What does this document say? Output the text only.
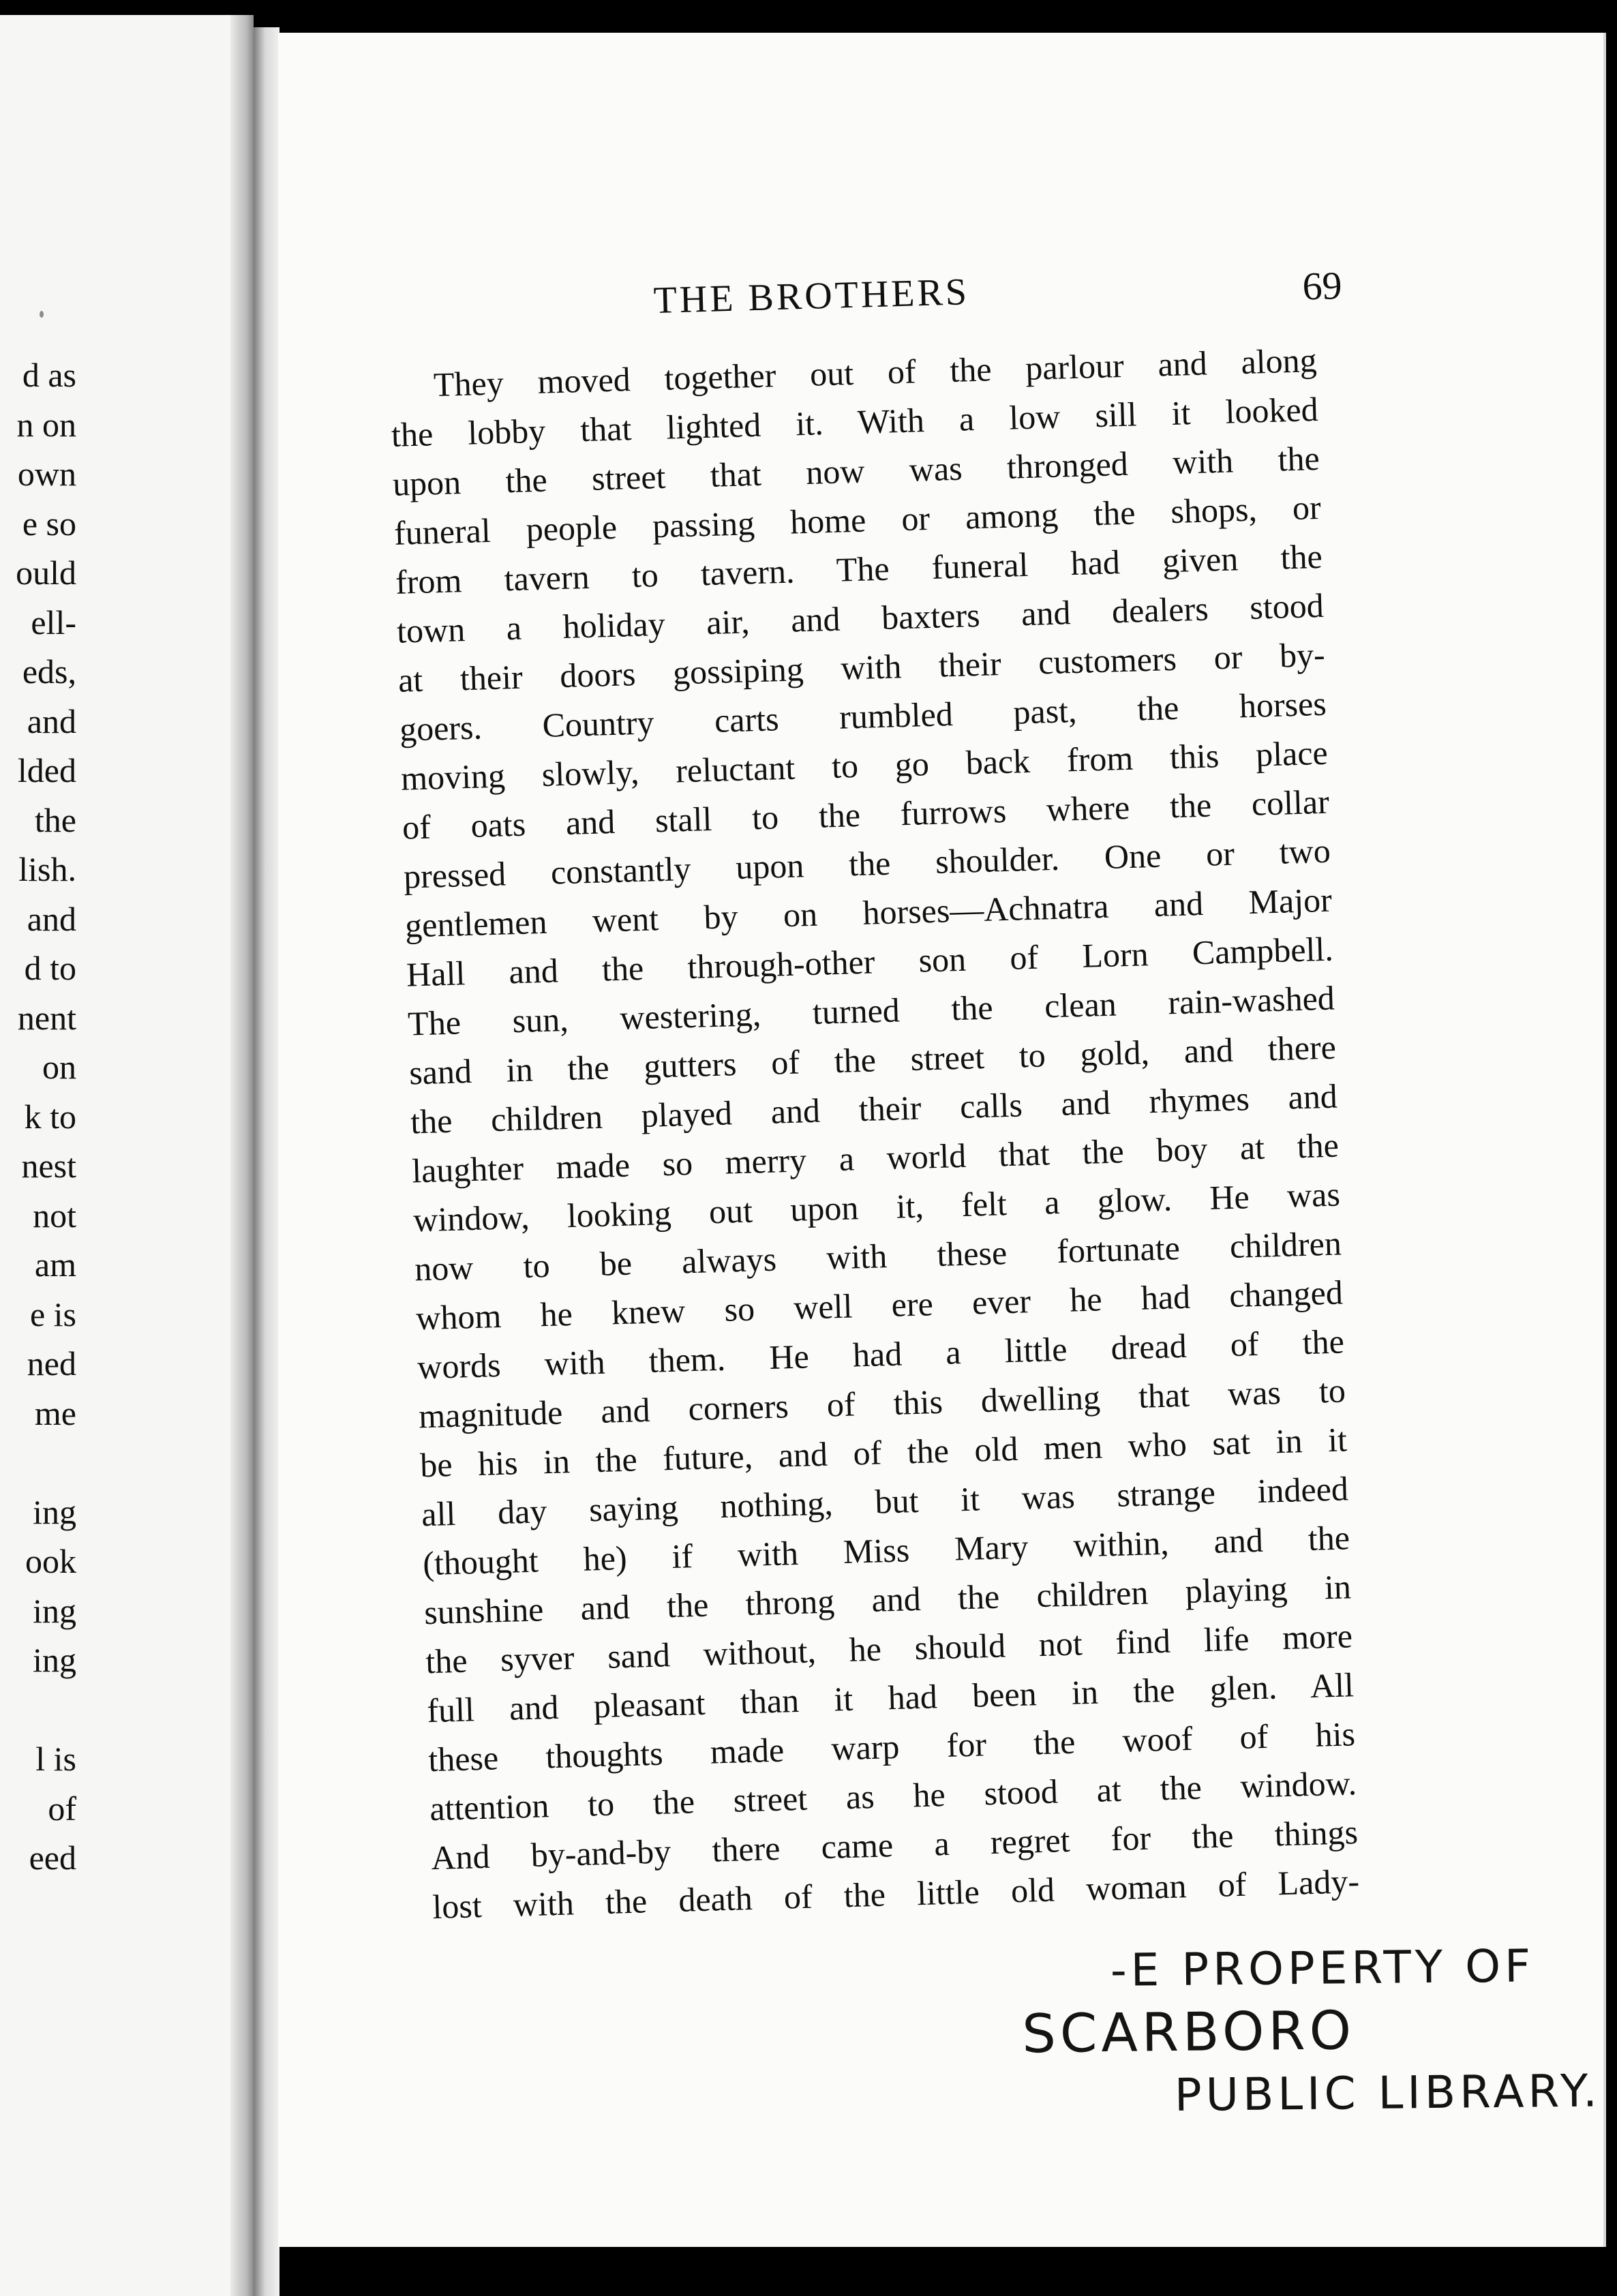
d as
n on
own
e so
ould
ell-
eds,
and
lded
the
lish.
and
d to
nent
on
k to
nest
not
am
e is
ned
me
ing
ook
ing
ing
l is
of
eed
THE BROTHERS	69
They moved together out of the parlour and along
the lobby that lighted it. With a low sill it looked
upon the street that now was thronged with the
funeral people passing home or among the shops, or
from tavern to tavern. The funeral had given the
town a holiday air, and baxters and dealers stood
at their doors gossiping with their customers or by-
goers. Country carts rumbled past, the horses
moving slowly, reluctant to go back from this place
of oats and stall to the furrows where the collar
pressed constantly upon the shoulder. One or two
gentlemen went by on horses—Achnatra and Major
Hall and the through-other son of Lorn Campbell.
The sun, westering, turned the clean rain-washed
sand in the gutters of the street to gold, and there
the children played and their calls and rhymes and
laughter made so merry a world that the boy at the
window, looking out upon it, felt a glow. He was
now to be always with these fortunate children
whom he knew so well ere ever he had changed
words with them. He had a little dread of the
magnitude and corners of this dwelling that was to
be his in the future, and of the old men who sat in it
all day saying nothing, but it was strange indeed
(thought he) if with Miss Mary within, and the
sunshine and the throng and the children playing in
the syver sand without, he should not find life more
full and pleasant than it had been in the glen. All
these thoughts made warp for the woof of his
attention to the street as he stood at the window.
And by-and-by there came a regret for the things
lost with the death of the little old woman of Lady-
-E PROPERTY OF
SCARBORO
PUBLIC LIBRARY.
